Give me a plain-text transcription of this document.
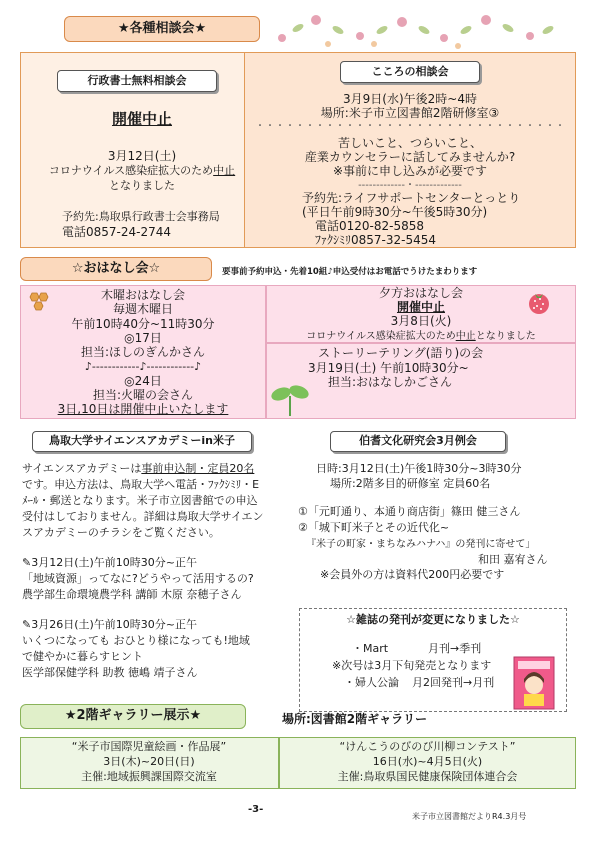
★各種相談会★
行政書士無料相談会
開催中止
3月12日(土)
コロナウイルス感染症拡大のため中止
となりました
予約先:鳥取県行政書士会事務局
電話0857-24-2744
こころの相談会
3月9日(水)午後2時~4時
場所:米子市立図書館2階研修室③
・・・・・・・・・・・・・・・・・・・・・・・・・・・・・・・
苦しいこと、つらいこと、
産業カウンセラーに話してみませんか?
※事前に申し込みが必要です
-------------・-------------
予約先:ライフサポートセンターとっとり
(平日午前9時30分~午後5時30分)
電話0120-82-5858
ﾌｧｸｼﾐﾘ0857-32-5454
☆おはなし会☆	要事前予約申込・先着10組♪申込受付はお電話でうけたまわります
木曜おはなし会
毎週木曜日
午前10時40分~11時30分
◎17日
担当:ほしのぎんかさん
♪------------♪------------♪
◎24日
担当:火曜の会さん
3日,10日は開催中止いたします
夕方おはなし会
開催中止
3月8日(火)
コロナウイルス感染症拡大のため中止となりました
ストーリーテリング(語り)の会
3月19日(土) 午前10時30分~
担当:おはなしかごさん
鳥取大学サイエンスアカデミーin米子
サイエンスアカデミーは事前申込制・定員20名
です。申込方法は、鳥取大学へ電話・ﾌｧｸｼﾐﾘ・E
ﾒｰﾙ・郵送となります。米子市立図書館での申込
受付はしておりません。詳細は鳥取大学サイエン
スアカデミーのチラシをご覧ください。
✎3月12日(土)午前10時30分~正午
「地域資源」ってなに?どうやって活用するの?
農学部生命環境農学科 講師 木原 奈穂子さん
✎3月26日(土)午前10時30分~正午
いくつになっても おひとり様になっても!地域
で健やかに暮らすヒント
医学部保健学科 助教 徳嶋 靖子さん
伯耆文化研究会3月例会
日時:3月12日(土)午後1時30分~3時30分
場所:2階多目的研修室 定員60名
①「元町通り、本通り商店街」篠田 健三さん
②「城下町米子とその近代化~
『米子の町家・まちなみハナハ』の発刊に寄せて」
和田 嘉宥さん
※会員外の方は資料代200円必要です
☆雑誌の発刊が変更になりました☆
・Mart	月刊→季刊
※次号は3月下旬発売となります
・婦人公論 月2回発刊→月刊
★2階ギャラリー展示★	場所:図書館2階ギャラリー
“米子市国際児童絵画・作品展”
3日(木)~20日(日)
主催:地域振興課国際交流室
“けんこうのびのび川柳コンテスト”
16日(水)~4月5日(火)
主催:鳥取県国民健康保険団体連合会
-3-
米子市立図書館だよりR4.3月号
